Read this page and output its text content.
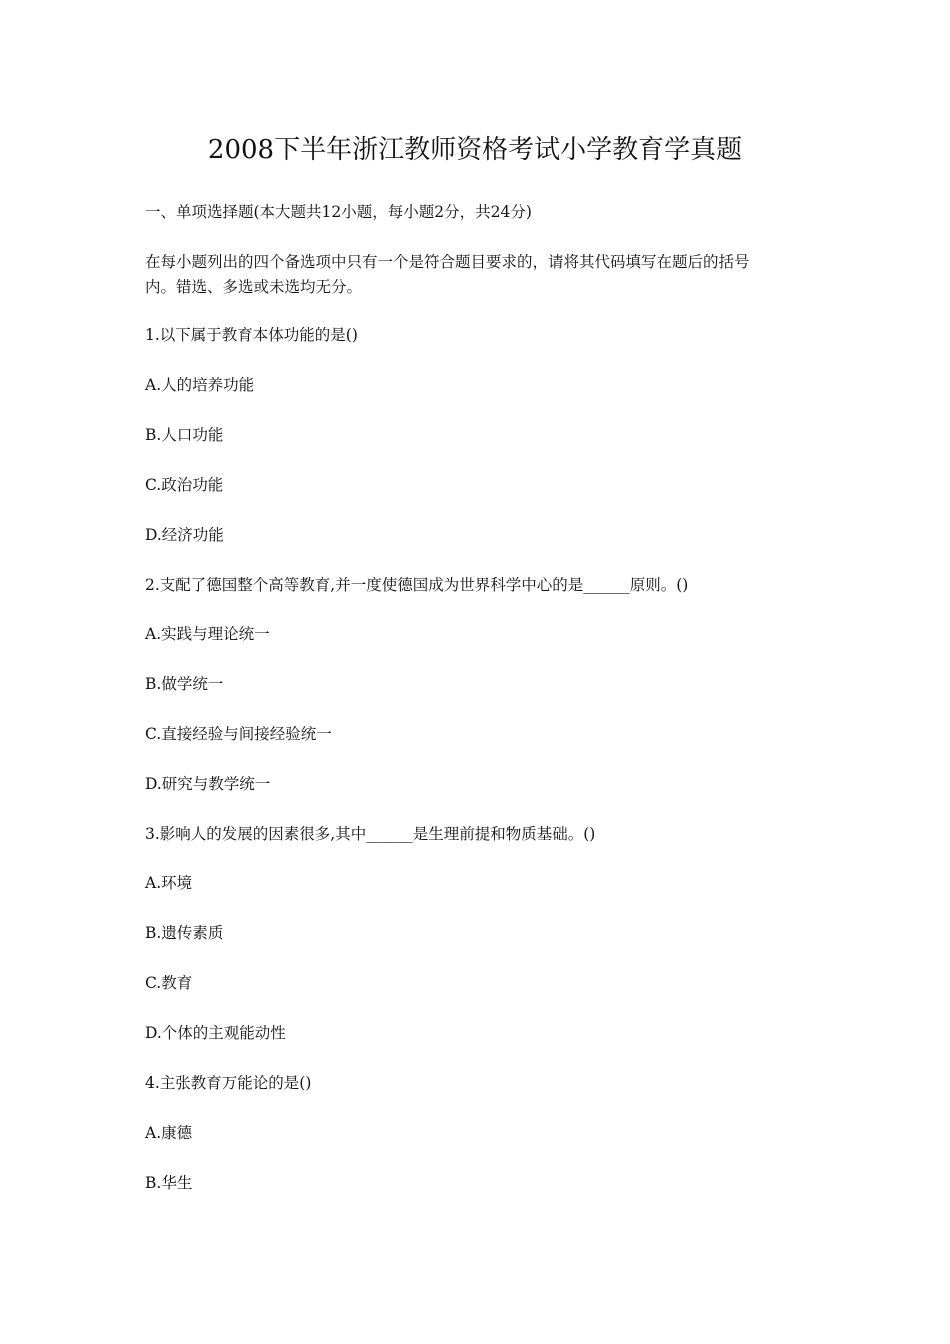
2008下半年浙江教师资格考试小学教育学真题
一、单项选择题(本大题共12小题，每小题2分，共24分)
在每小题列出的四个备选项中只有一个是符合题目要求的，请将其代码填写在题后的括号
内。错选、多选或未选均无分。
1.以下属于教育本体功能的是()
A.人的培养功能
B.人口功能
C.政治功能
D.经济功能
2.支配了德国整个高等教育,并一度使德国成为世界科学中心的是______原则。()
A.实践与理论统一
B.做学统一
C.直接经验与间接经验统一
D.研究与教学统一
3.影响人的发展的因素很多,其中______是生理前提和物质基础。()
A.环境
B.遗传素质
C.教育
D.个体的主观能动性
4.主张教育万能论的是()
A.康德
B.华生
